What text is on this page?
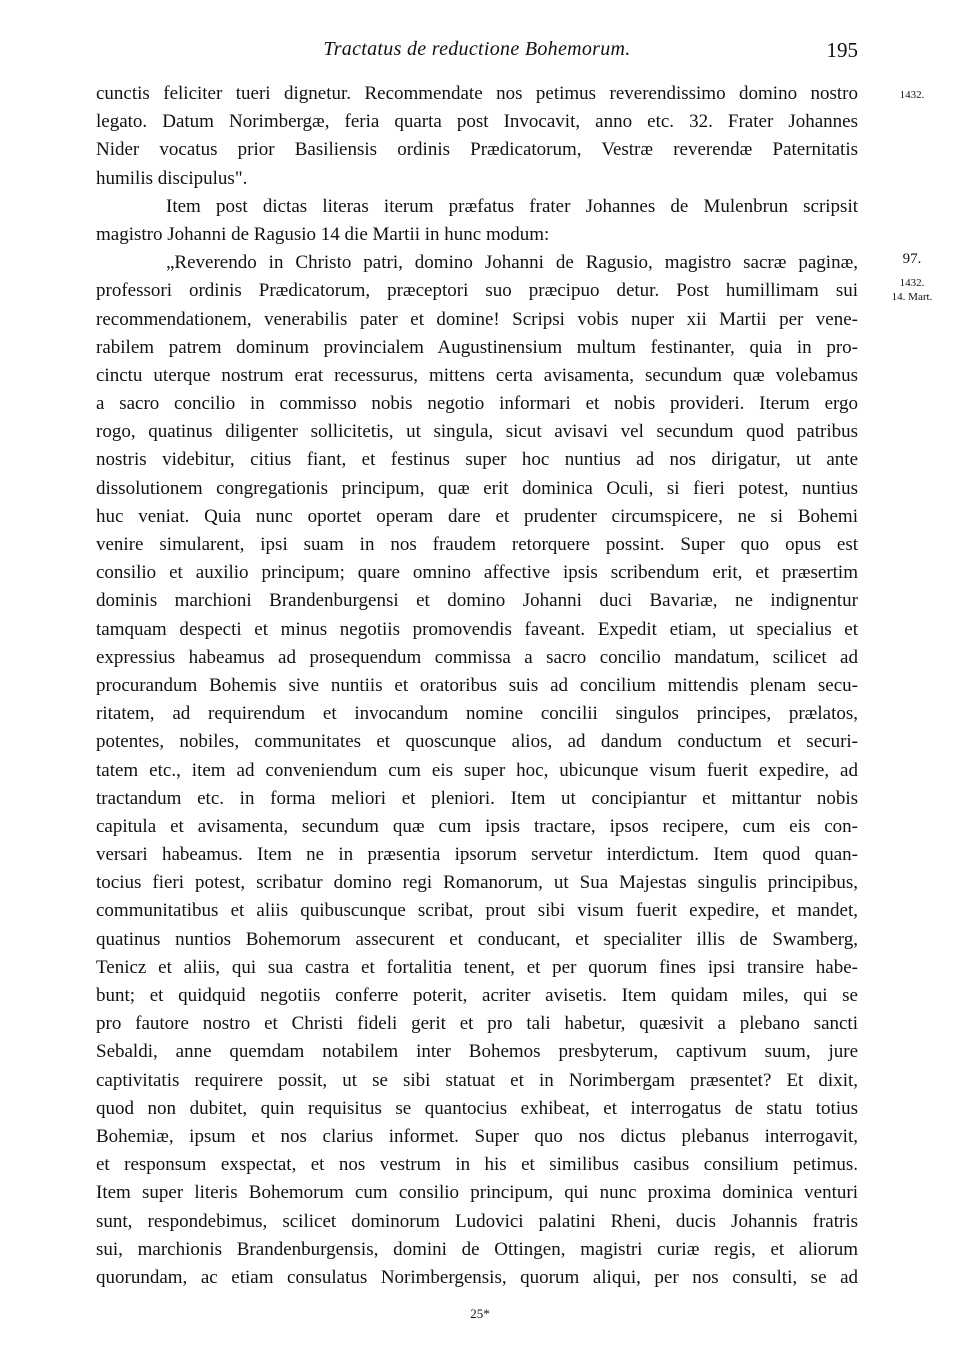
Tractatus de reductione Bohemorum.	195
cunctis feliciter tueri dignetur. Recommendate nos petimus reverendissimo domino nostro
legato. Datum Norimbergæ, feria quarta post Invocavit, anno etc. 32. Frater Johannes
Nider vocatus prior Basiliensis ordinis Prædicatorum, Vestræ reverendæ Paternitatis
humilis discipulus".
Item post dictas literas iterum præfatus frater Johannes de Mulenbrun scripsit
magistro Johanni de Ragusio 14 die Martii in hunc modum:
„Reverendo in Christo patri, domino Johanni de Ragusio, magistro sacræ paginæ,
professori ordinis Prædicatorum, præceptori suo præcipuo detur. Post humillimam sui
recommendationem, venerabilis pater et domine! Scripsi vobis nuper xii Martii per vene-
rabilem patrem dominum provincialem Augustinensium multum festinanter, quia in pro-
cinctu uterque nostrum erat recessurus, mittens certa avisamenta, secundum quæ volebamus
a sacro concilio in commisso nobis negotio informari et nobis provideri. Iterum ergo
rogo, quatinus diligenter sollicitetis, ut singula, sicut avisavi vel secundum quod patribus
nostris videbitur, citius fiant, et festinus super hoc nuntius ad nos dirigatur, ut ante
dissolutionem congregationis principum, quæ erit dominica Oculi, si fieri potest, nuntius
huc veniat. Quia nunc oportet operam dare et prudenter circumspicere, ne si Bohemi
venire simularent, ipsi suam in nos fraudem retorquere possint. Super quo opus est
consilio et auxilio principum; quare omnino affective ipsis scribendum erit, et præsertim
dominis marchioni Brandenburgensi et domino Johanni duci Bavariæ, ne indignentur
tamquam despecti et minus negotiis promovendis faveant. Expedit etiam, ut specialius et
expressius habeamus ad prosequendum commissa a sacro concilio mandatum, scilicet ad
procurandum Bohemis sive nuntiis et oratoribus suis ad concilium mittendis plenam secu-
ritatem, ad requirendum et invocandum nomine concilii singulos principes, prælatos,
potentes, nobiles, communitates et quoscunque alios, ad dandum conductum et securi-
tatem etc., item ad conveniendum cum eis super hoc, ubicunque visum fuerit expedire, ad
tractandum etc. in forma meliori et pleniori. Item ut concipiantur et mittantur nobis
capitula et avisamenta, secundum quæ cum ipsis tractare, ipsos recipere, cum eis con-
versari habeamus. Item ne in præsentia ipsorum servetur interdictum. Item quod quan-
tocius fieri potest, scribatur domino regi Romanorum, ut Sua Majestas singulis principibus,
communitatibus et aliis quibuscunque scribat, prout sibi visum fuerit expedire, et mandet,
quatinus nuntios Bohemorum assecurent et conducant, et specialiter illis de Swamberg,
Tenicz et aliis, qui sua castra et fortalitia tenent, et per quorum fines ipsi transire habe-
bunt; et quidquid negotiis conferre poterit, acriter avisetis. Item quidam miles, qui se
pro fautore nostro et Christi fideli gerit et pro tali habetur, quæsivit a plebano sancti
Sebaldi, anne quemdam notabilem inter Bohemos presbyterum, captivum suum, jure
captivitatis requirere possit, ut se sibi statuat et in Norimbergam præsentet? Et dixit,
quod non dubitet, quin requisitus se quantocius exhibeat, et interrogatus de statu totius
Bohemiæ, ipsum et nos clarius informet. Super quo nos dictus plebanus interrogavit,
et responsum exspectat, et nos vestrum in his et similibus casibus consilium petimus.
Item super literis Bohemorum cum consilio principum, qui nunc proxima dominica venturi
sunt, respondebimus, scilicet dominorum Ludovici palatini Rheni, ducis Johannis fratris
sui, marchionis Brandenburgensis, domini de Ottingen, magistri curiæ regis, et aliorum
quorundam, ac etiam consulatus Norimbergensis, quorum aliqui, per nos consulti, se ad
1432.
97.
1432.
14. Mart.
25*
